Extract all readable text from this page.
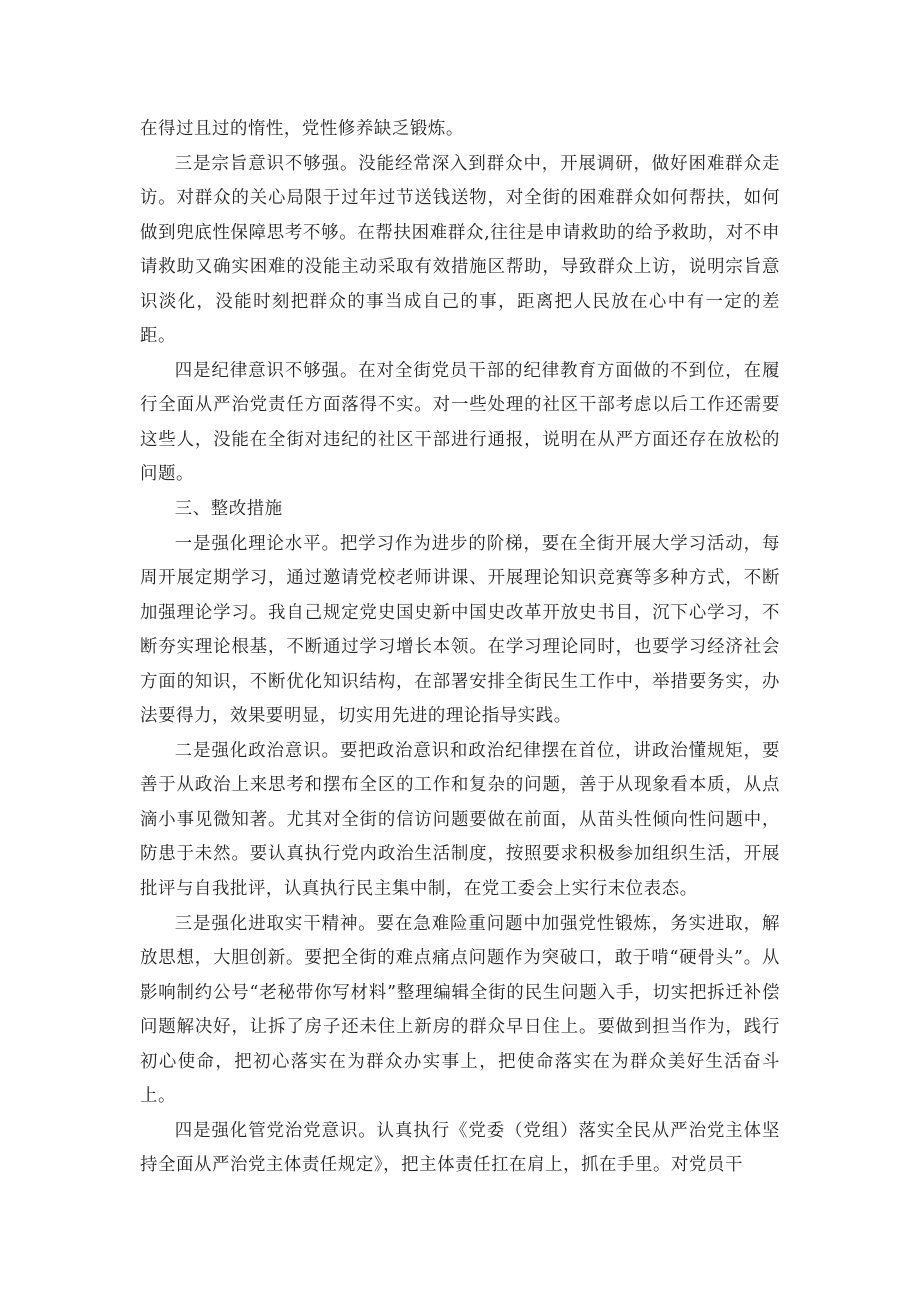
在得过且过的惰性，党性修养缺乏锻炼。

三是宗旨意识不够强。没能经常深入到群众中，开展调研，做好困难群众走访。对群众的关心局限于过年过节送钱送物，对全街的困难群众如何帮扶，如何做到兜底性保障思考不够。在帮扶困难群众,往往是申请救助的给予救助，对不申请救助又确实困难的没能主动采取有效措施区帮助，导致群众上访，说明宗旨意识淡化，没能时刻把群众的事当成自己的事，距离把人民放在心中有一定的差距。

四是纪律意识不够强。在对全街党员干部的纪律教育方面做的不到位，在履行全面从严治党责任方面落得不实。对一些处理的社区干部考虑以后工作还需要这些人，没能在全街对违纪的社区干部进行通报，说明在从严方面还存在放松的问题。

三、整改措施

一是强化理论水平。把学习作为进步的阶梯，要在全街开展大学习活动，每周开展定期学习，通过邀请党校老师讲课、开展理论知识竞赛等多种方式，不断加强理论学习。我自己规定党史国史新中国史改革开放史书目，沉下心学习，不断夯实理论根基，不断通过学习增长本领。在学习理论同时，也要学习经济社会方面的知识，不断优化知识结构，在部署安排全街民生工作中，举措要务实，办法要得力，效果要明显，切实用先进的理论指导实践。

二是强化政治意识。要把政治意识和政治纪律摆在首位，讲政治懂规矩，要善于从政治上来思考和摆布全区的工作和复杂的问题，善于从现象看本质，从点滴小事见微知著。尤其对全街的信访问题要做在前面，从苗头性倾向性问题中，防患于未然。要认真执行党内政治生活制度，按照要求积极参加组织生活，开展批评与自我批评，认真执行民主集中制，在党工委会上实行末位表态。

三是强化进取实干精神。要在急难险重问题中加强党性锻炼，务实进取，解放思想，大胆创新。要把全街的难点痛点问题作为突破口，敢于啃“硬骨头”。从影响制约公号“老秘带你写材料”整理编辑全街的民生问题入手，切实把拆迁补偿问题解决好，让拆了房子还未住上新房的群众早日住上。要做到担当作为，践行初心使命，把初心落实在为群众办实事上，把使命落实在为群众美好生活奋斗上。

四是强化管党治党意识。认真执行《党委（党组）落实全民从严治党主体坚持全面从严治党主体责任规定》，把主体责任扛在肩上，抓在手里。对党员干
